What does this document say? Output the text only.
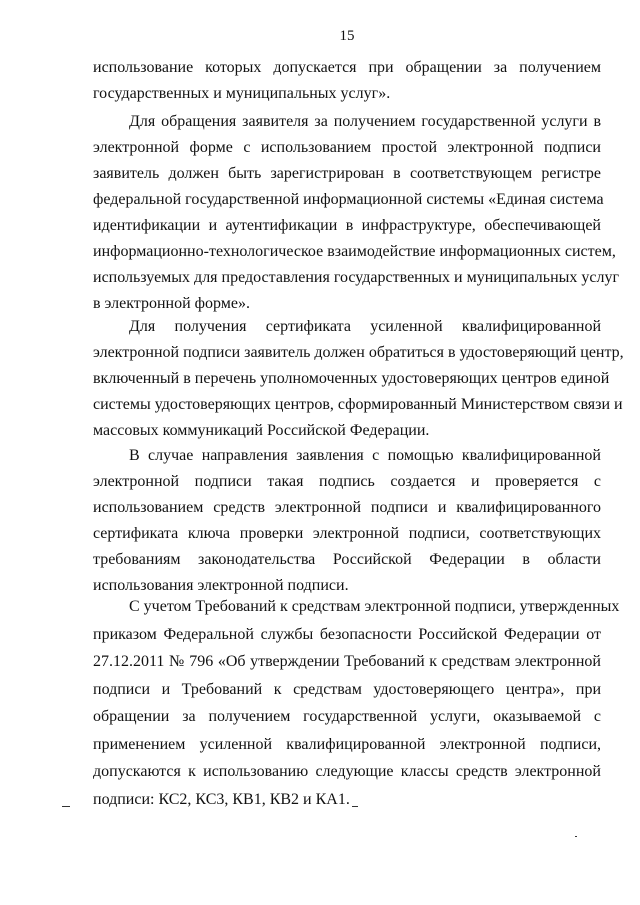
15
использование которых допускается при обращении за получением
государственных и муниципальных услуг».
Для обращения заявителя за получением государственной услуги в
электронной форме с использованием простой электронной подписи
заявитель должен быть зарегистрирован в соответствующем регистре
федеральной государственной информационной системы «Единая система
идентификации и аутентификации в инфраструктуре, обеспечивающей
информационно-технологическое взаимодействие информационных систем,
используемых для предоставления государственных и муниципальных услуг
в электронной форме».
Для получения сертификата усиленной квалифицированной
электронной подписи заявитель должен обратиться в удостоверяющий центр,
включенный в перечень уполномоченных удостоверяющих центров единой
системы удостоверяющих центров, сформированный Министерством связи и
массовых коммуникаций Российской Федерации.
В случае направления заявления с помощью квалифицированной
электронной подписи такая подпись создается и проверяется с
использованием средств электронной подписи и квалифицированного
сертификата ключа проверки электронной подписи, соответствующих
требованиям законодательства Российской Федерации в области
использования электронной подписи.
С учетом Требований к средствам электронной подписи, утвержденных
приказом Федеральной службы безопасности Российской Федерации от
27.12.2011 № 796 «Об утверждении Требований к средствам электронной
подписи и Требований к средствам удостоверяющего центра», при
обращении за получением государственной услуги, оказываемой с
применением усиленной квалифицированной электронной подписи,
допускаются к использованию следующие классы средств электронной
подписи: КС2, КС3, КВ1, КВ2 и КА1.
